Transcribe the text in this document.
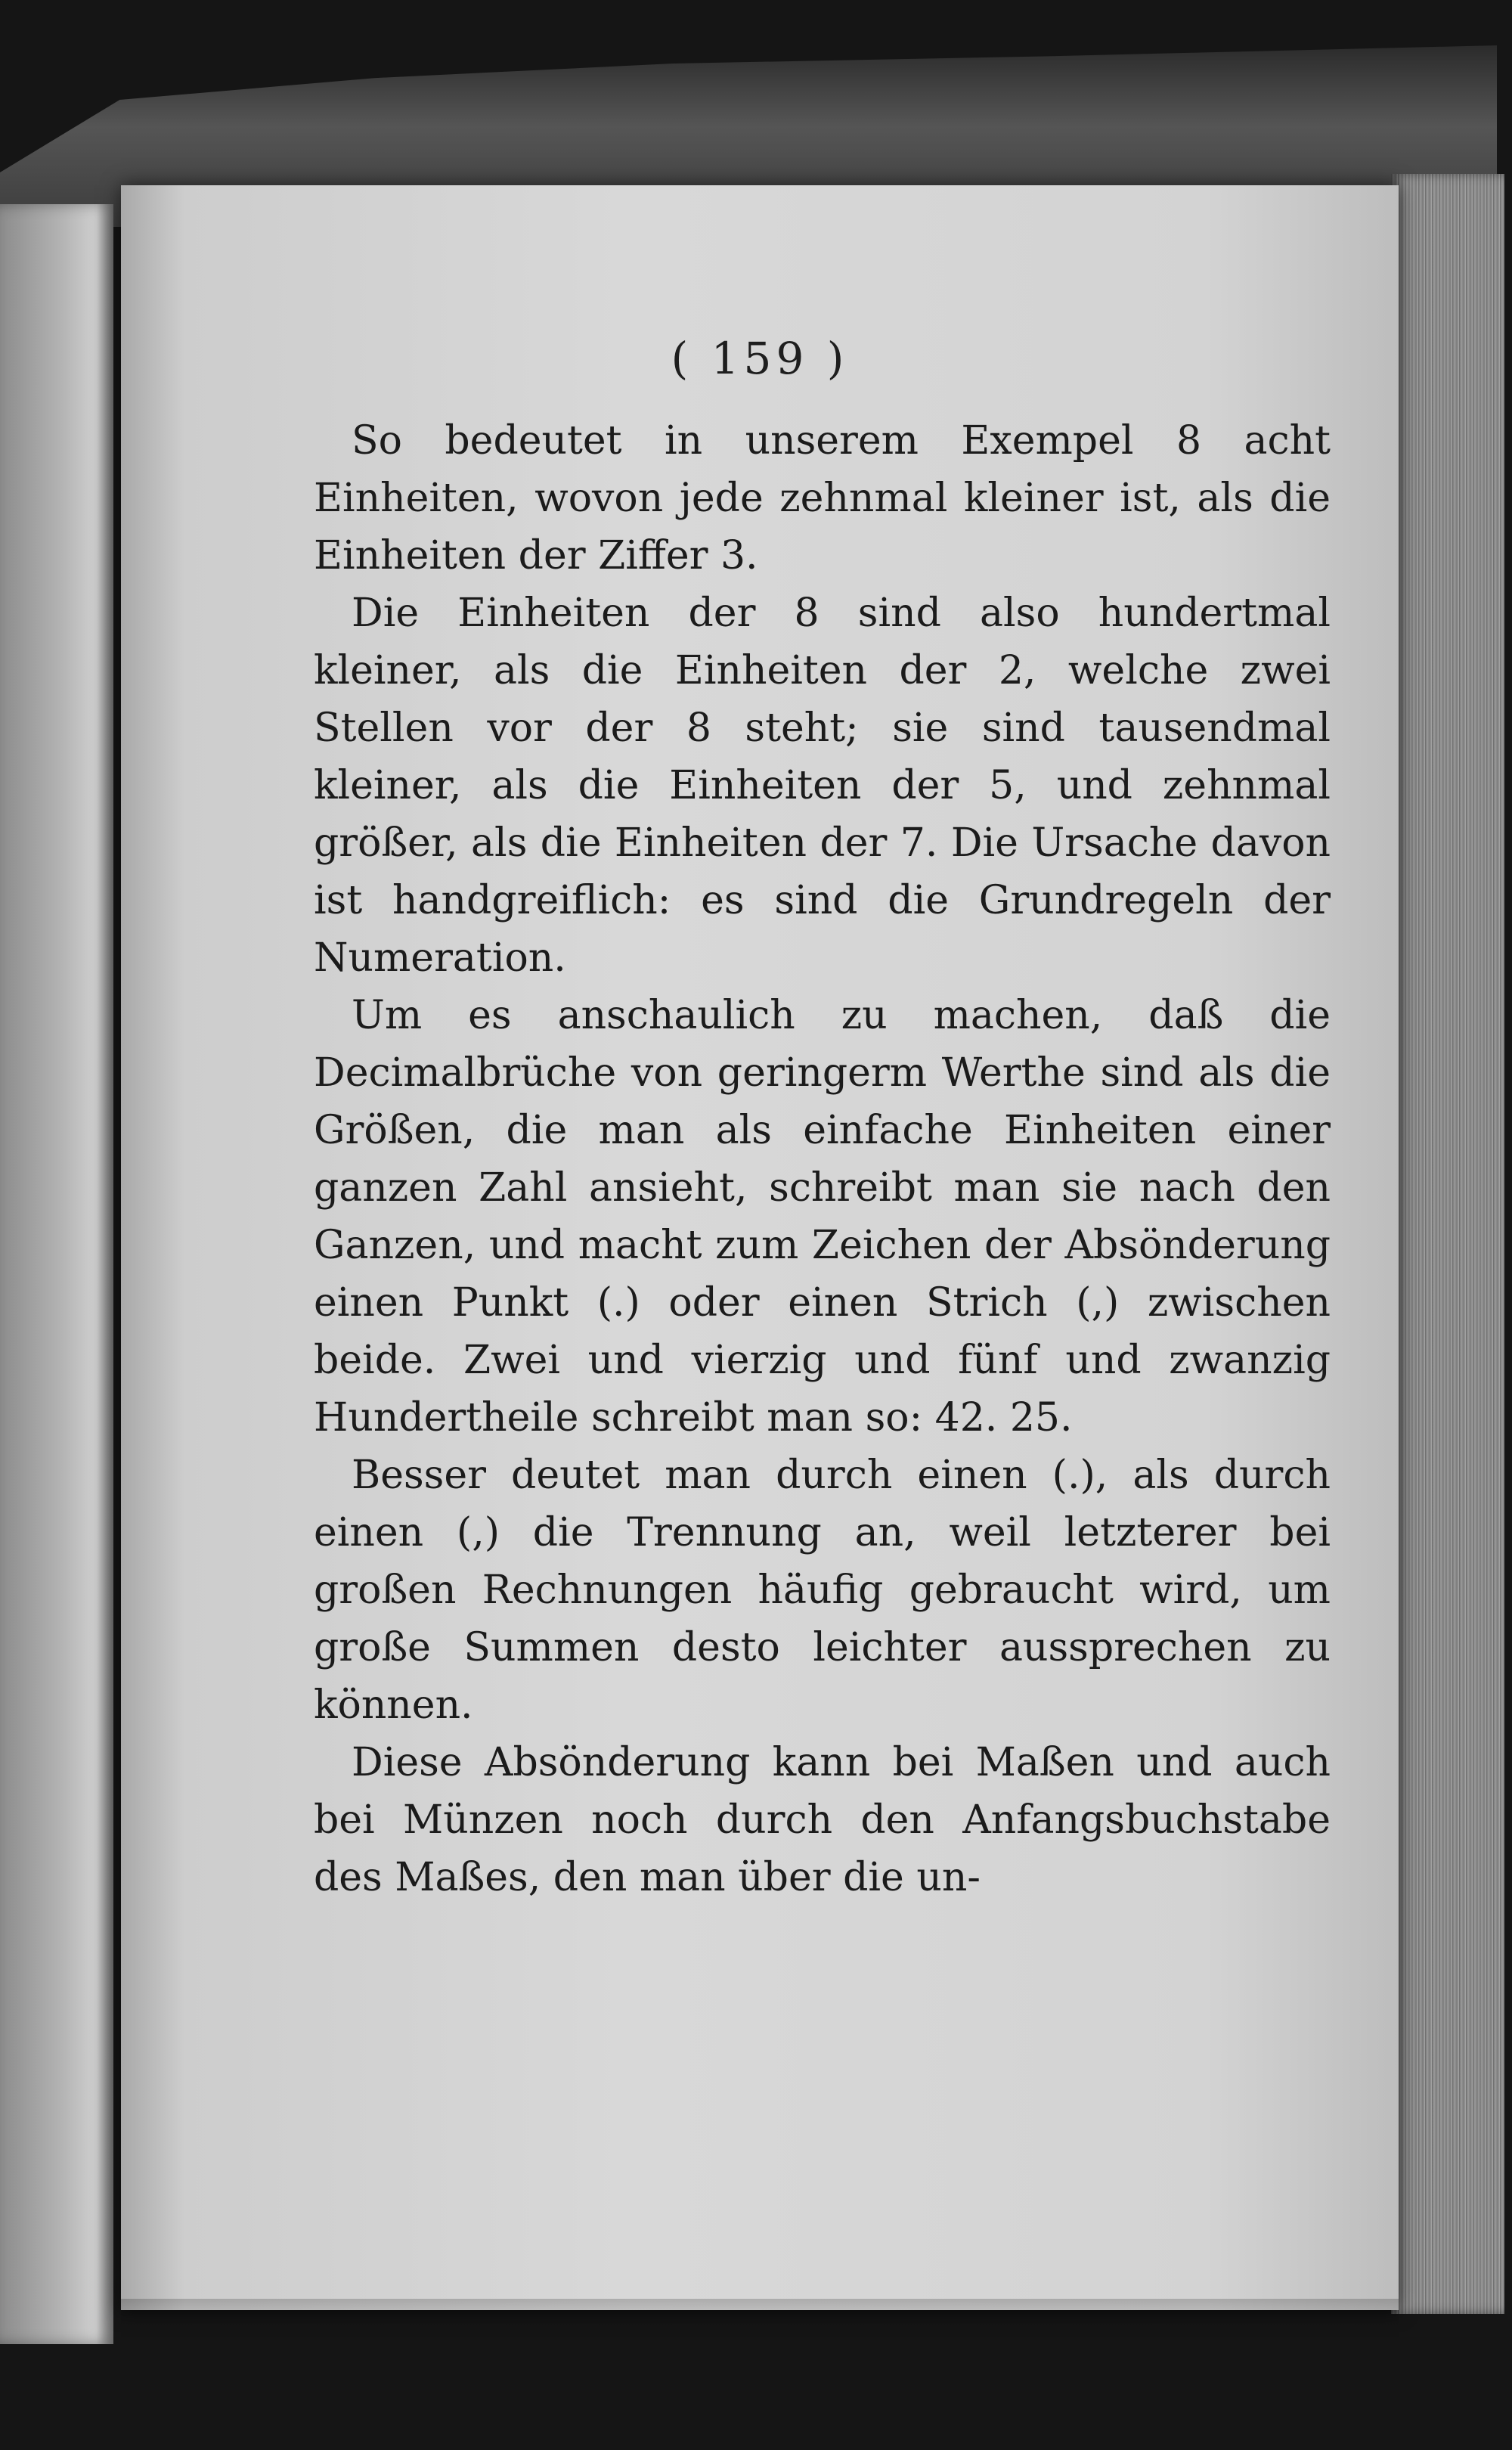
( 159 )

So bedeutet in unserem Exempel 8 acht Einheiten, wovon jede zehnmal kleiner ist, als die Einheiten der Ziffer 3.

Die Einheiten der 8 sind also hundertmal kleiner, als die Einheiten der 2, welche zwei Stellen vor der 8 steht; sie sind tausendmal kleiner, als die Einheiten der 5, und zehnmal größer, als die Einheiten der 7. Die Ursache davon ist handgreiflich: es sind die Grundregeln der Numeration.

Um es anschaulich zu machen, daß die Decimalbrüche von geringerm Werthe sind als die Größen, die man als einfache Einheiten einer ganzen Zahl ansieht, schreibt man sie nach den Ganzen, und macht zum Zeichen der Absönderung einen Punkt (.) oder einen Strich (,) zwischen beide. Zwei und vierzig und fünf und zwanzig Hundertheile schreibt man so: 42. 25.

Besser deutet man durch einen (.), als durch einen (,) die Trennung an, weil letzterer bei großen Rechnungen häufig gebraucht wird, um große Summen desto leichter aussprechen zu können.

Diese Absönderung kann bei Maßen und auch bei Münzen noch durch den Anfangsbuchstabe des Maßes, den man über die un-
